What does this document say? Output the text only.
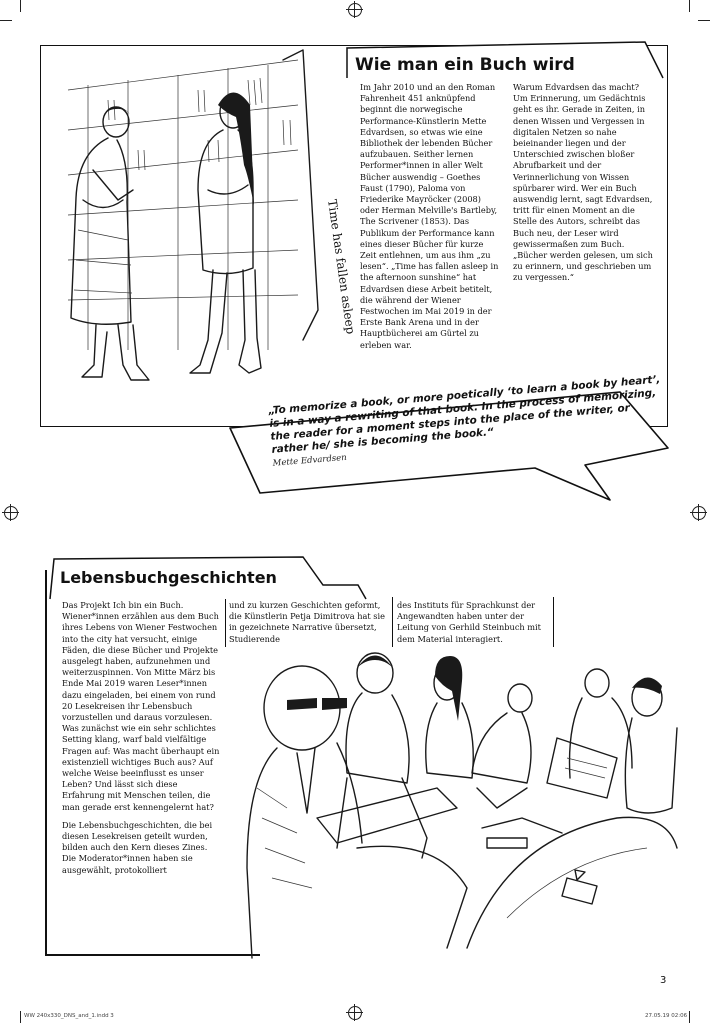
Time has fallen asleep
Wie man ein Buch wird

Im Jahr 2010 und an den Roman Fahrenheit 451 anknüpfend beginnt die norwegische Performance-Künstlerin Mette Edvardsen, so etwas wie eine Bibliothek der lebenden Bücher aufzubauen. Seither lernen Performer*innen in aller Welt Bücher auswendig – Goethes Faust (1790), Paloma von Friederike Mayröcker (2008) oder Herman Melville's Bartleby, The Scrivener (1853). Das Publikum der Performance kann eines dieser Bücher für kurze Zeit entlehnen, um aus ihm „zu lesen“. „Time has fallen asleep in the afternoon sunshine“ hat Edvardsen diese Arbeit betitelt, die während der Wiener Festwochen im Mai 2019 in der Erste Bank Arena und in der Hauptbücherei am Gürtel zu erleben war.

Warum Edvardsen das macht? Um Erinnerung, um Gedächtnis geht es ihr. Gerade in Zeiten, in denen Wissen und Vergessen in digitalen Netzen so nahe beieinander liegen und der Unterschied zwischen bloßer Abrufbarkeit und der Verinnerlichung von Wissen spürbarer wird. Wer ein Buch auswendig lernt, sagt Edvardsen, tritt für einen Moment an die Stelle des Autors, schreibt das Buch neu, der Leser wird gewissermaßen zum Buch. „Bücher werden gelesen, um sich zu erinnern, und geschrieben um zu vergessen.“

„To memorize a book, or more poetically ‘to learn a book by heart’, is in a way a rewriting of that book. In the process of memorizing, the reader for a moment steps into the place of the writer, or rather he/ she is becoming the book.“
Mette Edvardsen
Lebensbuchgeschichten

Das Projekt Ich bin ein Buch. Wiener*innen erzählen aus dem Buch ihres Lebens von Wiener Festwochen into the city hat versucht, einige Fäden, die diese Bücher und Projekte ausgelegt haben, aufzunehmen und weiterzuspinnen. Von Mitte März bis Ende Mai 2019 waren Leser*innen dazu eingeladen, bei einem von rund 20 Lesekreisen ihr Lebensbuch vorzustellen und daraus vorzulesen. Was zunächst wie ein sehr schlichtes Setting klang, warf bald vielfältige Fragen auf: Was macht überhaupt ein existenziell wichtiges Buch aus? Auf welche Weise beeinflusst es unser Leben? Und lässt sich diese Erfahrung mit Menschen teilen, die man gerade erst kennengelernt hat?

Die Lebensbuchgeschichten, die bei diesen Lesekreisen geteilt wurden, bilden auch den Kern dieses Zines. Die Moderator*innen haben sie ausgewählt, protokolliert

und zu kurzen Geschichten geformt, die Künstlerin Petja Dimitrova hat sie in gezeichnete Narrative übersetzt, Studierende

des Instituts für Sprachkunst der Angewandten haben unter der Leitung von Gerhild Steinbuch mit dem Material interagiert.

3
WW 240x330_DNS_and_1.indd 3	27.05.19 02:06
